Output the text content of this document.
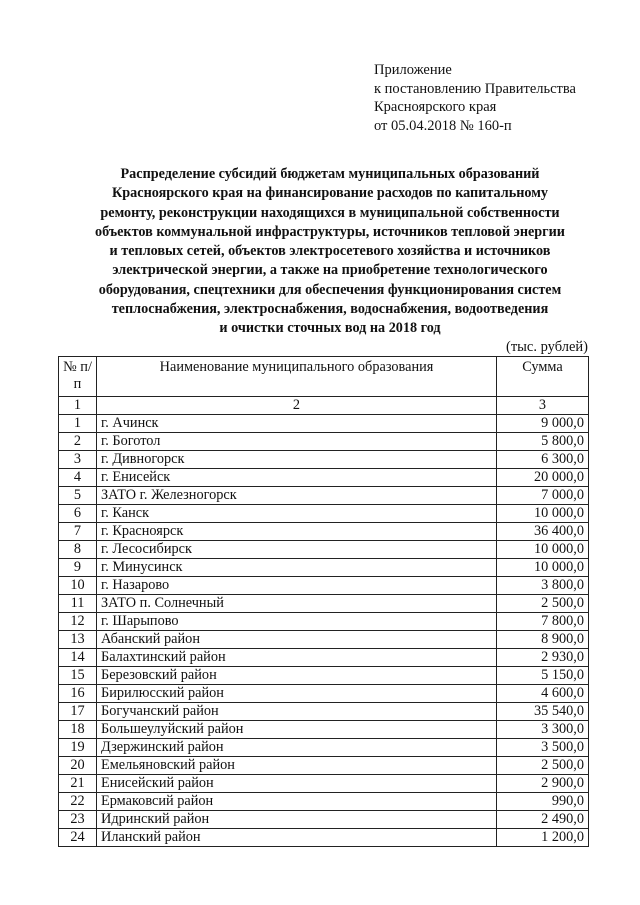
Приложение
к постановлению Правительства
Красноярского края
от 05.04.2018 № 160-п
Распределение субсидий бюджетам муниципальных образований
Красноярского края на финансирование расходов по капитальному
ремонту, реконструкции находящихся в муниципальной собственности
объектов коммунальной инфраструктуры, источников тепловой энергии
и тепловых сетей, объектов электросетевого хозяйства и источников
электрической энергии, а также на приобретение технологического
оборудования, спецтехники для обеспечения функционирования систем
теплоснабжения, электроснабжения, водоснабжения, водоотведения
и очистки сточных вод на 2018 год
(тыс. рублей)
№ п/п	Наименование муниципального образования	Сумма
1	2	3
1	г. Ачинск	9 000,0
2	г. Боготол	5 800,0
3	г. Дивногорск	6 300,0
4	г. Енисейск	20 000,0
5	ЗАТО г. Железногорск	7 000,0
6	г. Канск	10 000,0
7	г. Красноярск	36 400,0
8	г. Лесосибирск	10 000,0
9	г. Минусинск	10 000,0
10	г. Назарово	3 800,0
11	ЗАТО п. Солнечный	2 500,0
12	г. Шарыпово	7 800,0
13	Абанский район	8 900,0
14	Балахтинский район	2 930,0
15	Березовский район	5 150,0
16	Бирилюсский район	4 600,0
17	Богучанский район	35 540,0
18	Большеулуйский район	3 300,0
19	Дзержинский район	3 500,0
20	Емельяновский район	2 500,0
21	Енисейский район	2 900,0
22	Ермаковсий район	990,0
23	Идринский район	2 490,0
24	Иланский район	1 200,0
